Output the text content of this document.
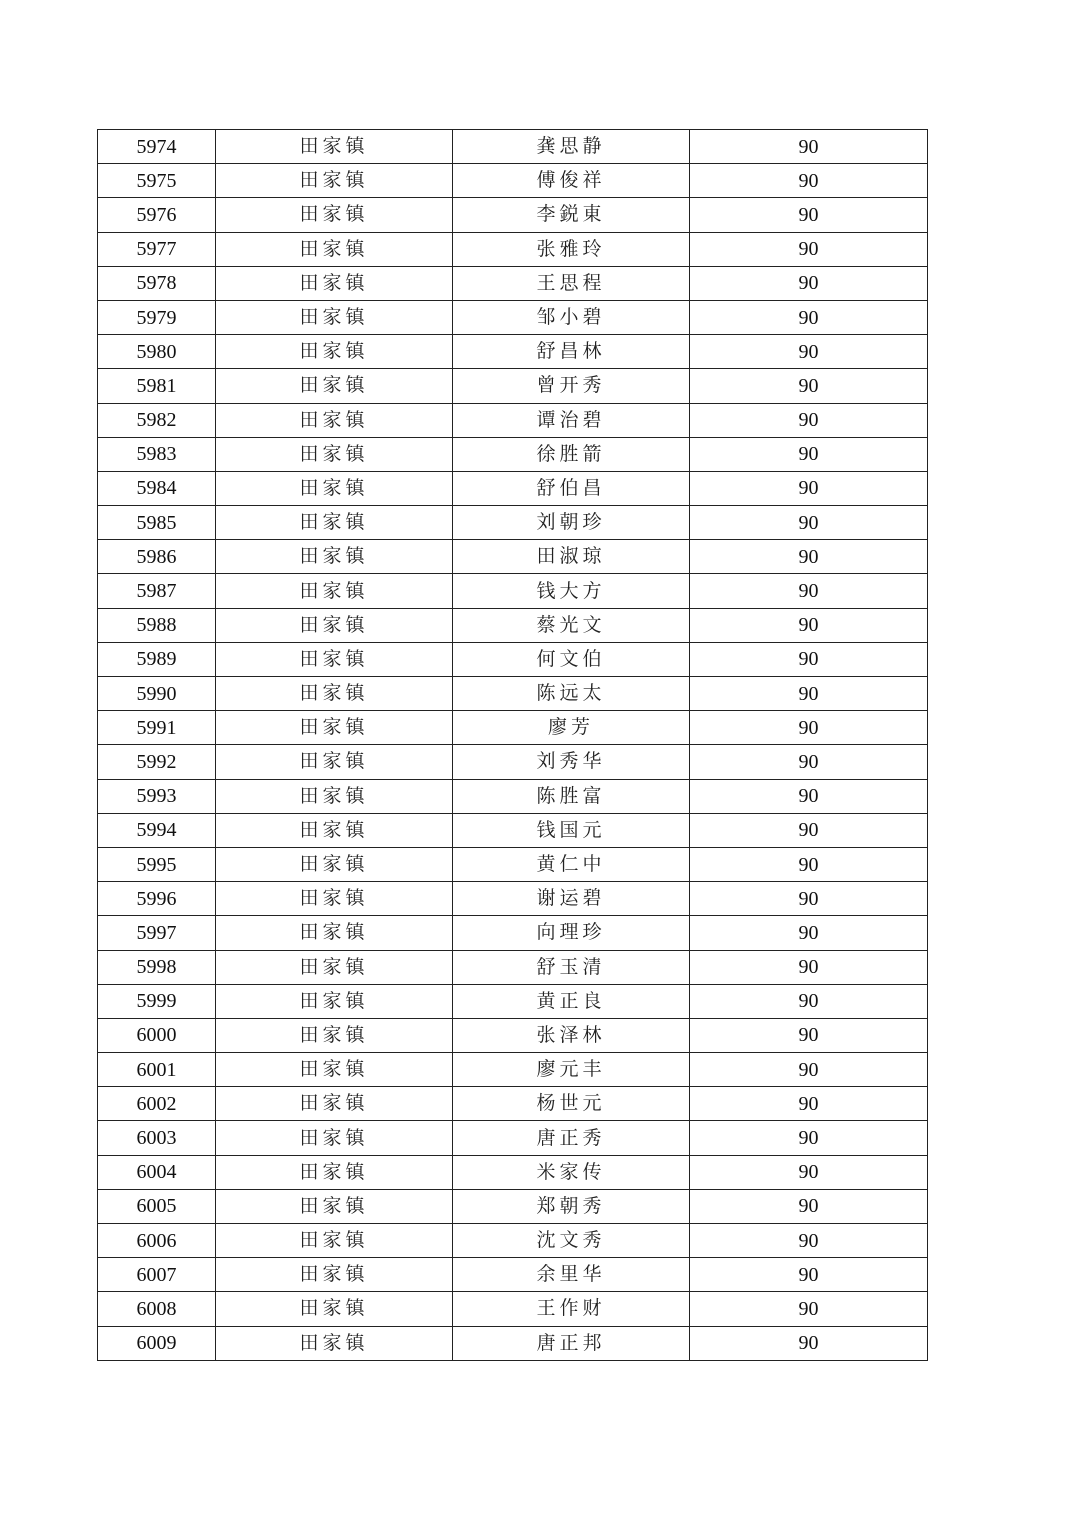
5974	田家镇	龚思静	90
5975	田家镇	傅俊祥	90
5976	田家镇	李鋭東	90
5977	田家镇	张雅玲	90
5978	田家镇	王思程	90
5979	田家镇	邹小碧	90
5980	田家镇	舒昌林	90
5981	田家镇	曾开秀	90
5982	田家镇	谭治碧	90
5983	田家镇	徐胜箭	90
5984	田家镇	舒伯昌	90
5985	田家镇	刘朝珍	90
5986	田家镇	田淑琼	90
5987	田家镇	钱大方	90
5988	田家镇	蔡光文	90
5989	田家镇	何文伯	90
5990	田家镇	陈远太	90
5991	田家镇	廖芳	90
5992	田家镇	刘秀华	90
5993	田家镇	陈胜富	90
5994	田家镇	钱国元	90
5995	田家镇	黄仁中	90
5996	田家镇	谢运碧	90
5997	田家镇	向理珍	90
5998	田家镇	舒玉清	90
5999	田家镇	黄正良	90
6000	田家镇	张泽林	90
6001	田家镇	廖元丰	90
6002	田家镇	杨世元	90
6003	田家镇	唐正秀	90
6004	田家镇	米家传	90
6005	田家镇	郑朝秀	90
6006	田家镇	沈文秀	90
6007	田家镇	余里华	90
6008	田家镇	王作财	90
6009	田家镇	唐正邦	90
